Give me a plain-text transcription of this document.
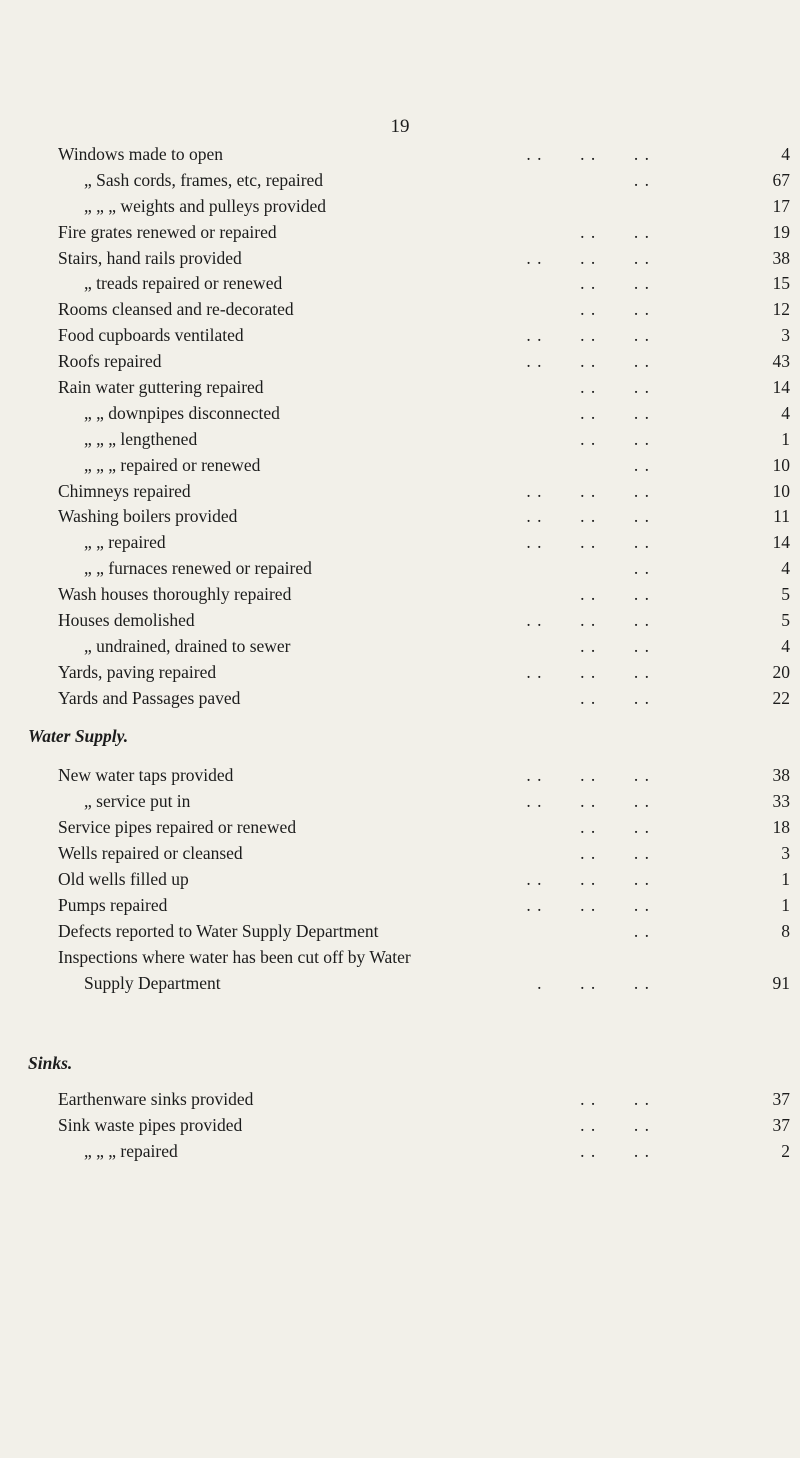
19
Windows made to open	. .       . .       . .	4
„ Sash cords, frames, etc, repaired	. .	67
„ „ „ weights and pulleys provided	17
Fire grates renewed or repaired	. .       . .	19
Stairs, hand rails provided	. .       . .       . .	38
„ treads repaired or renewed	. .       . .	15
Rooms cleansed and re-decorated	. .       . .	12
Food cupboards ventilated	. .       . .       . .	3
Roofs repaired	. .       . .       . .	43
Rain water guttering repaired	. .       . .	14
„ „ downpipes disconnected	. .       . .	4
„ „ „ lengthened	. .       . .	1
„ „ „ repaired or renewed	. .	10
Chimneys repaired	. .       . .       . .	10
Washing boilers provided	. .       . .       . .	11
„ „ repaired	. .       . .       . .	14
„ „ furnaces renewed or repaired	. .	4
Wash houses thoroughly repaired	. .       . .	5
Houses demolished	. .       . .       . .	5
„ undrained, drained to sewer	. .       . .	4
Yards, paving repaired	. .       . .       . .	20
Yards and Passages paved	. .       . .	22
Water Supply.
New water taps provided	. .       . .       . .	38
„ service put in	. .       . .       . .	33
Service pipes repaired or renewed	. .       . .	18
Wells repaired or cleansed	. .       . .	3
Old wells filled up	. .       . .       . .	1
Pumps repaired	. .       . .       . .	1
Defects reported to Water Supply Department	. .	8
Inspections where water has been cut off by Water
Supply Department	.       . .       . .	91
Sinks.
Earthenware sinks provided	. .       . .	37
Sink waste pipes provided	. .       . .	37
„ „ „ repaired	. .       . .	2
